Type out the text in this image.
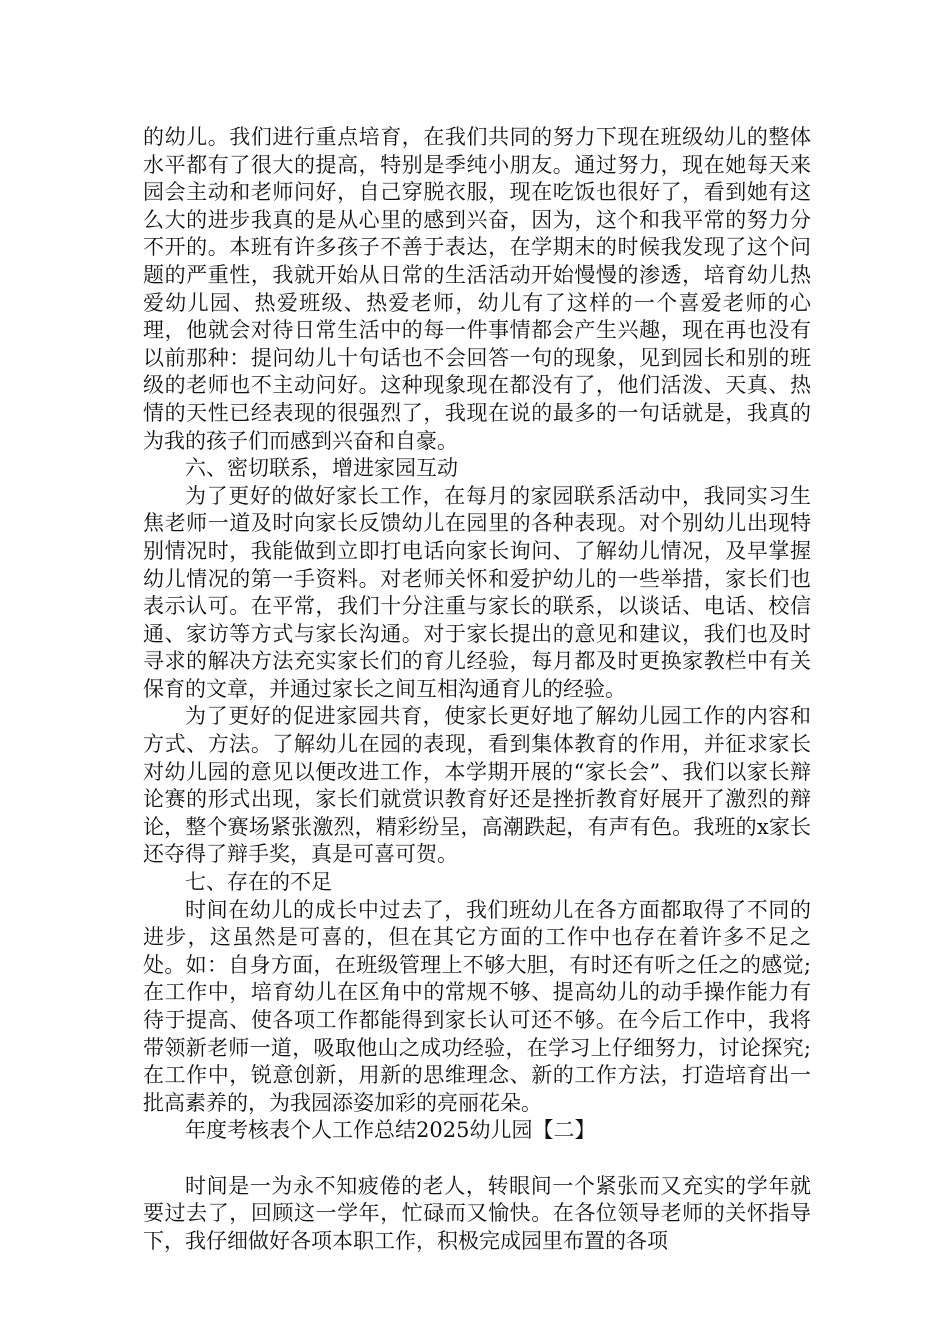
的幼儿。我们进行重点培育，在我们共同的努力下现在班级幼儿的整体水平都有了很大的提高，特别是季纯小朋友。通过努力，现在她每天来园会主动和老师问好，自己穿脱衣服，现在吃饭也很好了，看到她有这么大的进步我真的是从心里的感到兴奋，因为，这个和我平常的努力分不开的。本班有许多孩子不善于表达，在学期末的时候我发现了这个问题的严重性，我就开始从日常的生活活动开始慢慢的渗透，培育幼儿热爱幼儿园、热爱班级、热爱老师，幼儿有了这样的一个喜爱老师的心理，他就会对待日常生活中的每一件事情都会产生兴趣，现在再也没有以前那种：提问幼儿十句话也不会回答一句的现象，见到园长和别的班级的老师也不主动问好。这种现象现在都没有了，他们活泼、天真、热情的天性已经表现的很强烈了，我现在说的最多的一句话就是，我真的为我的孩子们而感到兴奋和自豪。

六、密切联系，增进家园互动

为了更好的做好家长工作，在每月的家园联系活动中，我同实习生焦老师一道及时向家长反馈幼儿在园里的各种表现。对个别幼儿出现特别情况时，我能做到立即打电话向家长询问、了解幼儿情况，及早掌握幼儿情况的第一手资料。对老师关怀和爱护幼儿的一些举措，家长们也表示认可。在平常，我们十分注重与家长的联系，以谈话、电话、校信通、家访等方式与家长沟通。对于家长提出的意见和建议，我们也及时寻求的解决方法充实家长们的育儿经验，每月都及时更换家教栏中有关保育的文章，并通过家长之间互相沟通育儿的经验。

为了更好的促进家园共育，使家长更好地了解幼儿园工作的内容和方式、方法。了解幼儿在园的表现，看到集体教育的作用，并征求家长对幼儿园的意见以便改进工作，本学期开展的“家长会”、我们以家长辩论赛的形式出现，家长们就赏识教育好还是挫折教育好展开了激烈的辩论，整个赛场紧张激烈，精彩纷呈，高潮跌起，有声有色。我班的x家长还夺得了辩手奖，真是可喜可贺。

七、存在的不足

时间在幼儿的成长中过去了，我们班幼儿在各方面都取得了不同的进步，这虽然是可喜的，但在其它方面的工作中也存在着许多不足之处。如：自身方面，在班级管理上不够大胆，有时还有听之任之的感觉;在工作中，培育幼儿在区角中的常规不够、提高幼儿的动手操作能力有待于提高、使各项工作都能得到家长认可还不够。在今后工作中，我将带领新老师一道，吸取他山之成功经验，在学习上仔细努力，讨论探究;在工作中，锐意创新，用新的思维理念、新的工作方法，打造培育出一批高素养的，为我园添姿加彩的亮丽花朵。

年度考核表个人工作总结2025幼儿园【二】

时间是一为永不知疲倦的老人，转眼间一个紧张而又充实的学年就要过去了，回顾这一学年，忙碌而又愉快。在各位领导老师的关怀指导下，我仔细做好各项本职工作，积极完成园里布置的各项
